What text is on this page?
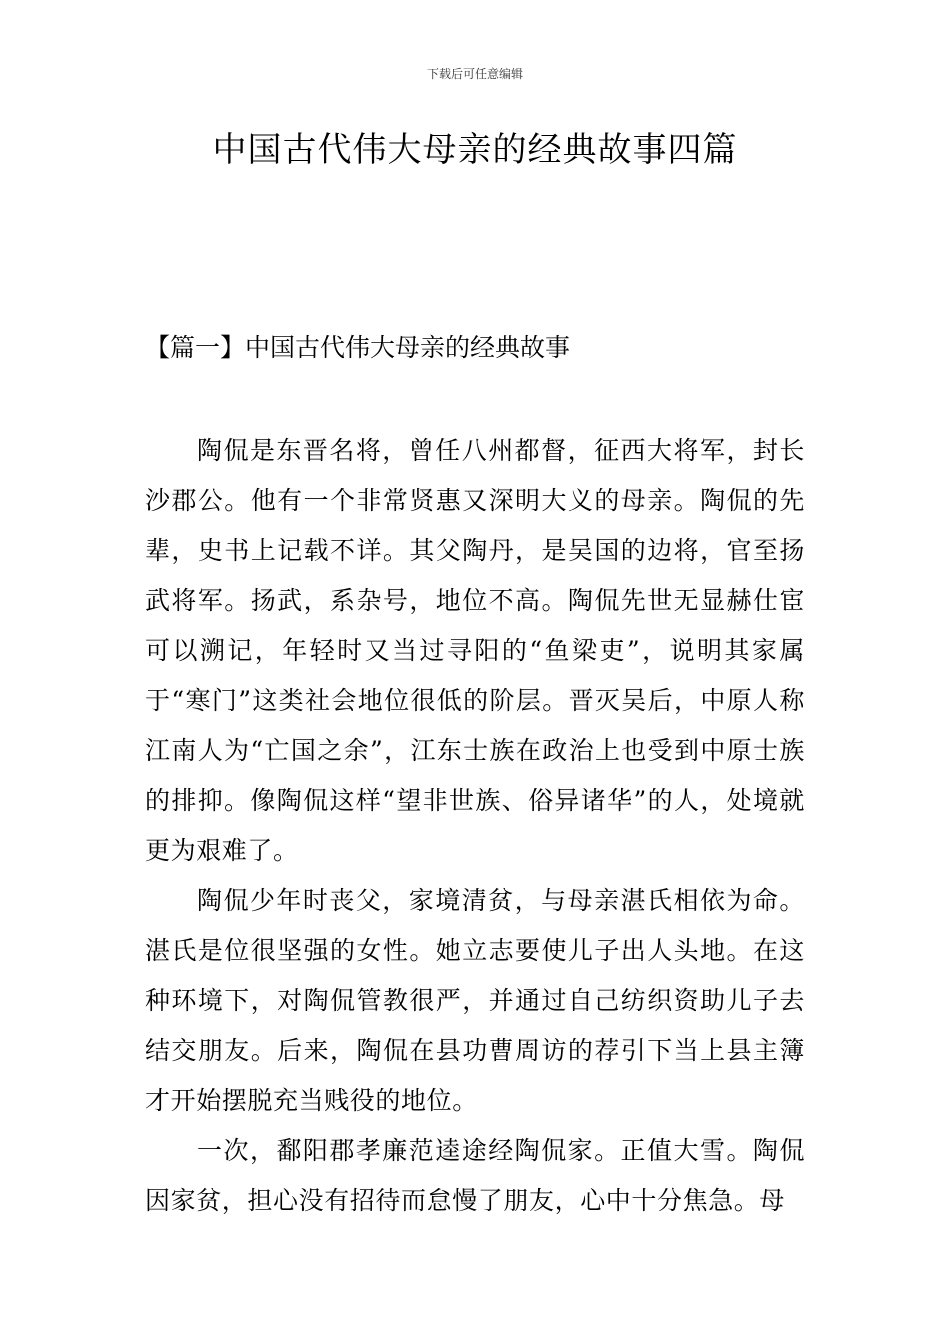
下载后可任意编辑
中国古代伟大母亲的经典故事四篇
【篇一】中国古代伟大母亲的经典故事

陶侃是东晋名将，曾任八州都督，征西大将军，封长沙郡公。他有一个非常贤惠又深明大义的母亲。陶侃的先辈，史书上记载不详。其父陶丹，是吴国的边将，官至扬武将军。扬武，系杂号，地位不高。陶侃先世无显赫仕宦可以溯记，年轻时又当过寻阳的“鱼梁吏”，说明其家属于“寒门”这类社会地位很低的阶层。晋灭吴后，中原人称江南人为“亡国之余”，江东士族在政治上也受到中原士族的排抑。像陶侃这样“望非世族、俗异诸华”的人，处境就更为艰难了。

陶侃少年时丧父，家境清贫，与母亲湛氏相依为命。湛氏是位很坚强的女性。她立志要使儿子出人头地。在这种环境下，对陶侃管教很严，并通过自己纺织资助儿子去结交朋友。后来，陶侃在县功曹周访的荐引下当上县主簿才开始摆脱充当贱役的地位。

一次，鄱阳郡孝廉范逵途经陶侃家。正值大雪。陶侃因家贫，担心没有招待而怠慢了朋友，心中十分焦急。母
